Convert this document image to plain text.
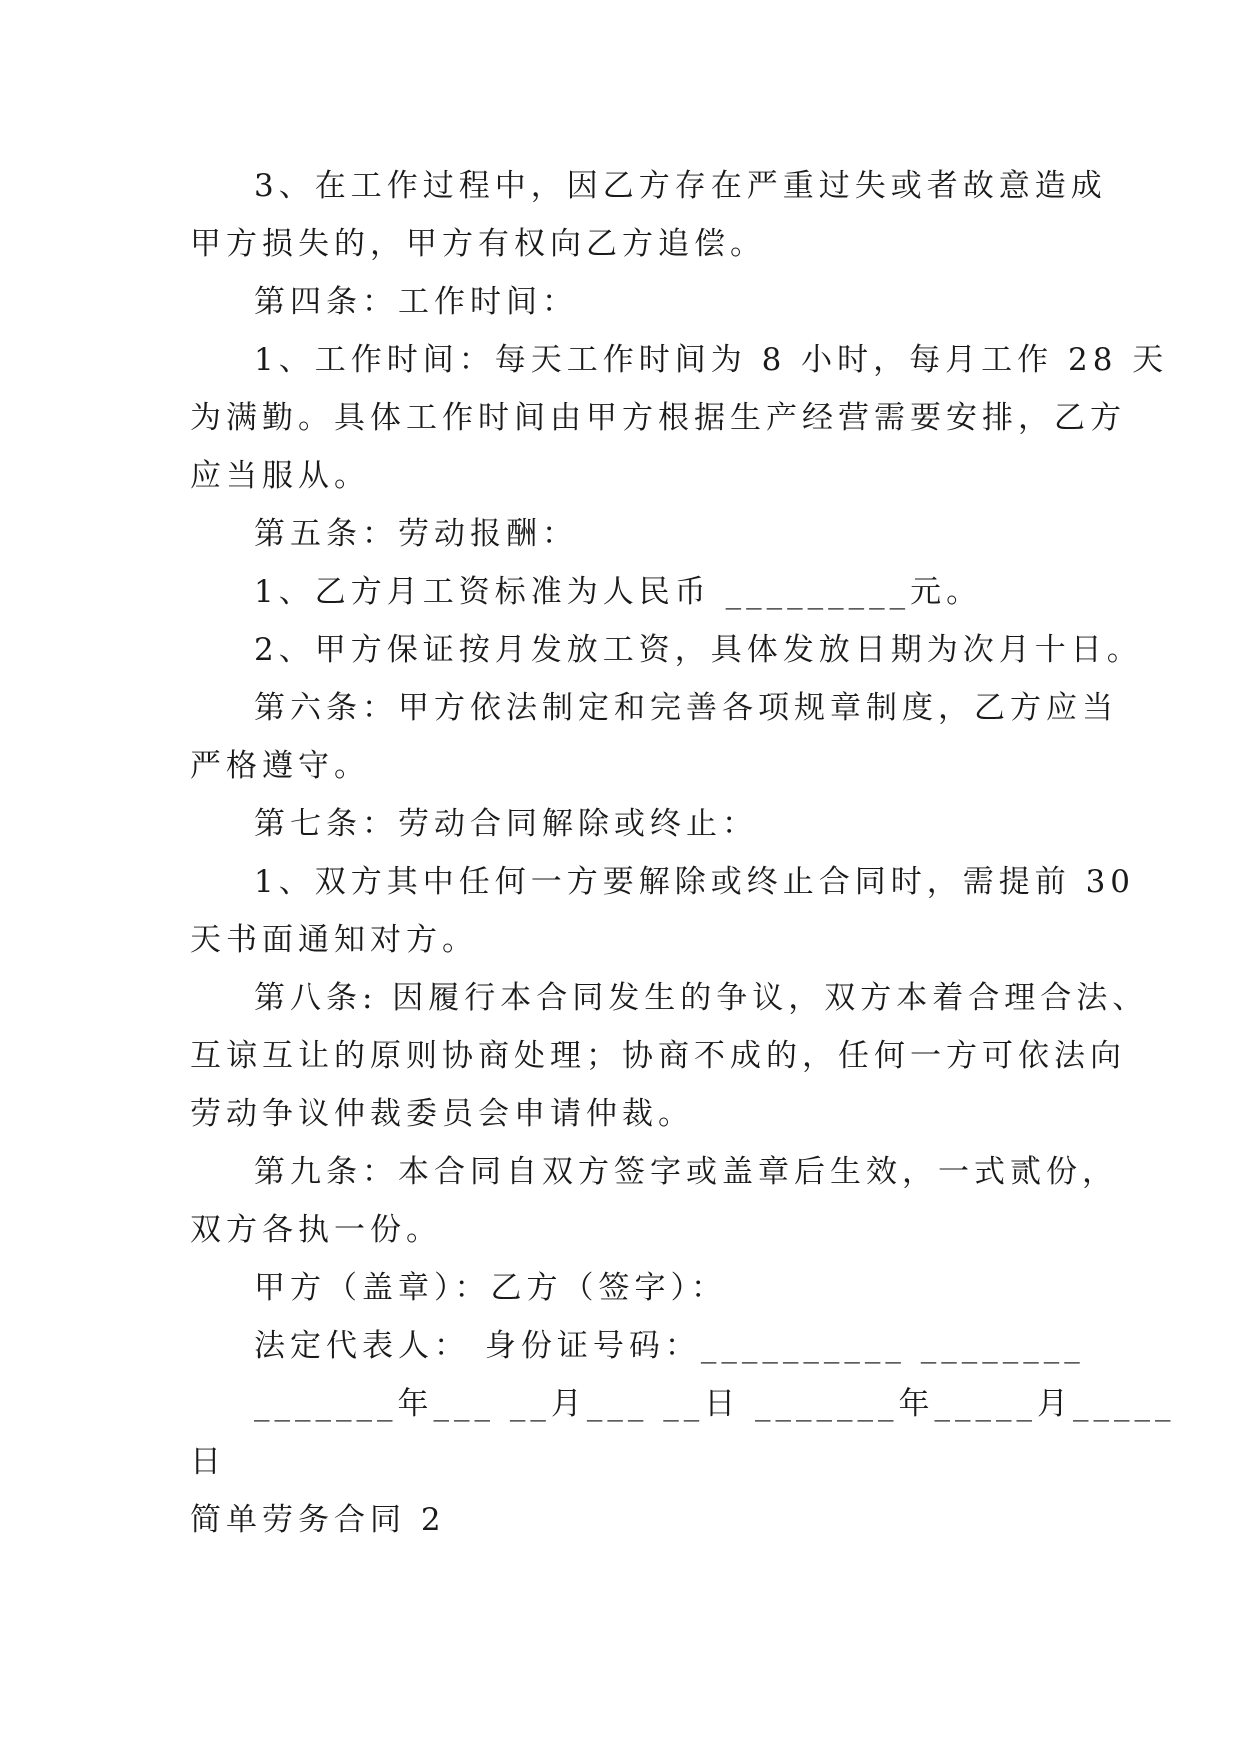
3、在工作过程中，因乙方存在严重过失或者故意造成
甲方损失的，甲方有权向乙方追偿。
第四条：工作时间：
1、工作时间：每天工作时间为 8 小时，每月工作 28 天
为满勤。具体工作时间由甲方根据生产经营需要安排，乙方
应当服从。
第五条：劳动报酬：
1、乙方月工资标准为人民币 _________元。
2、甲方保证按月发放工资，具体发放日期为次月十日。
第六条：甲方依法制定和完善各项规章制度，乙方应当
严格遵守。
第七条：劳动合同解除或终止：
1、双方其中任何一方要解除或终止合同时，需提前 30
天书面通知对方。
第八条: 因履行本合同发生的争议，双方本着合理合法、
互谅互让的原则协商处理；协商不成的，任何一方可依法向
劳动争议仲裁委员会申请仲裁。
第九条：本合同自双方签字或盖章后生效，一式贰份，
双方各执一份。
甲方（盖章）：乙方（签字）：
法定代表人： 身份证号码：__________ ________
_______年___ __月___ __日 _______年_____月_____
日
简单劳务合同 2
